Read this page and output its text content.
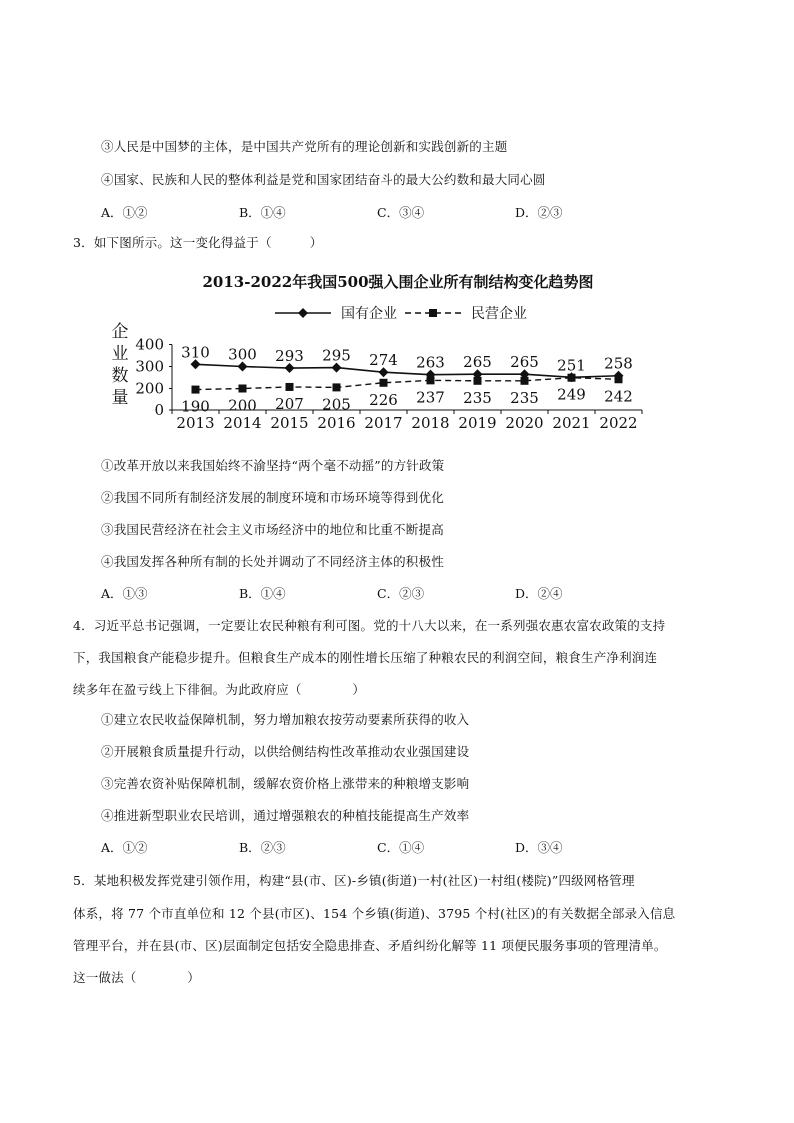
③人民是中国梦的主体，是中国共产党所有的理论创新和实践创新的主题
④国家、民族和人民的整体利益是党和国家团结奋斗的最大公约数和最大同心圆
A．①②	B．①④	C．③④	D．②③
3．如下图所示。这一变化得益于（　　　）
2013-2022年我国500强入围企业所有制结构变化趋势图
国有企业	民营企业
企
业
数
量
0
200
300
400
2013 2014 2015 2016 2017 2018 2019 2020 2021 2022
310 300 293 295 274 263 265 265 251 258
190 200 207 205 226 237 235 235 249 242
①改革开放以来我国始终不渝坚持“两个毫不动摇”的方针政策
②我国不同所有制经济发展的制度环境和市场环境等得到优化
③我国民营经济在社会主义市场经济中的地位和比重不断提高
④我国发挥各种所有制的长处并调动了不同经济主体的积极性
A．①③	B．①④	C．②③	D．②④
4．习近平总书记强调，一定要让农民种粮有利可图。党的十八大以来，在一系列强农惠农富农政策的支持
下，我国粮食产能稳步提升。但粮食生产成本的刚性增长压缩了种粮农民的利润空间，粮食生产净利润连
续多年在盈亏线上下徘徊。为此政府应（　　　　）
①建立农民收益保障机制，努力增加粮农按劳动要素所获得的收入
②开展粮食质量提升行动，以供给侧结构性改革推动农业强国建设
③完善农资补贴保障机制，缓解农资价格上涨带来的种粮增支影响
④推进新型职业农民培训，通过增强粮农的种植技能提高生产效率
A．①②	B．②③	C．①④	D．③④
5．某地积极发挥党建引领作用，构建“县(市、区)-乡镇(街道)一村(社区)一村组(楼院)”四级网格管理
体系，将 77 个市直单位和 12 个县(市区)、154 个乡镇(街道)、3795 个村(社区)的有关数据全部录入信息
管理平台，并在县(市、区)层面制定包括安全隐患排查、矛盾纠纷化解等 11 项便民服务事项的管理清单。
这一做法（　　　　）
